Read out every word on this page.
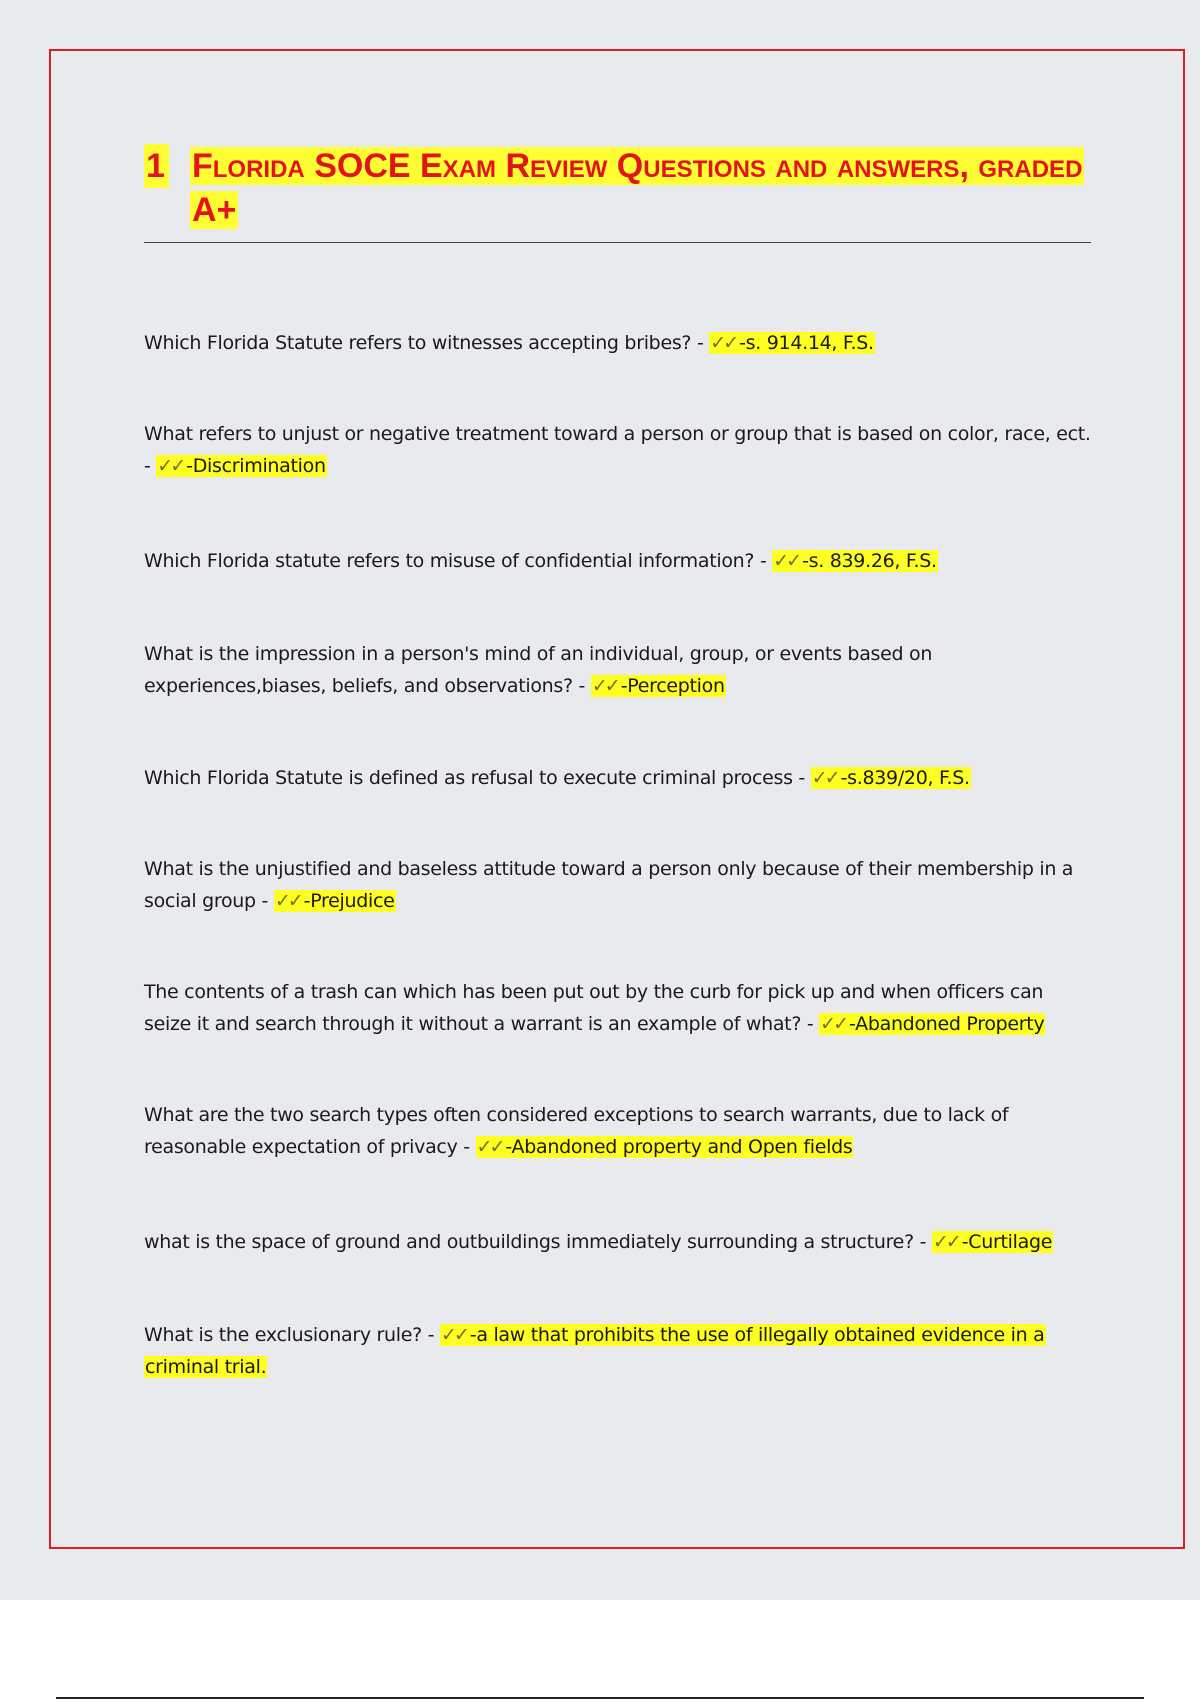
1 Florida SOCE Exam Review Questions and answers, graded A+

Which Florida Statute refers to witnesses accepting bribes? - ✓✓ -s. 914.14, F.S.

What refers to unjust or negative treatment toward a person or group that is based on color, race, ect. - ✓✓ -Discrimination

Which Florida statute refers to misuse of confidential information? - ✓✓ -s. 839.26, F.S.

What is the impression in a person's mind of an individual, group, or events based on experiences,biases, beliefs, and observations? - ✓✓ -Perception

Which Florida Statute is defined as refusal to execute criminal process - ✓✓ -s.839/20, F.S.

What is the unjustified and baseless attitude toward a person only because of their membership in a social group - ✓✓ -Prejudice

The contents of a trash can which has been put out by the curb for pick up and when officers can seize it and search through it without a warrant is an example of what? - ✓✓ -Abandoned Property

What are the two search types often considered exceptions to search warrants, due to lack of reasonable expectation of privacy - ✓✓ -Abandoned property and Open fields

what is the space of ground and outbuildings immediately surrounding a structure? - ✓✓ -Curtilage

What is the exclusionary rule? - ✓✓ -a law that prohibits the use of illegally obtained evidence in a criminal trial.
